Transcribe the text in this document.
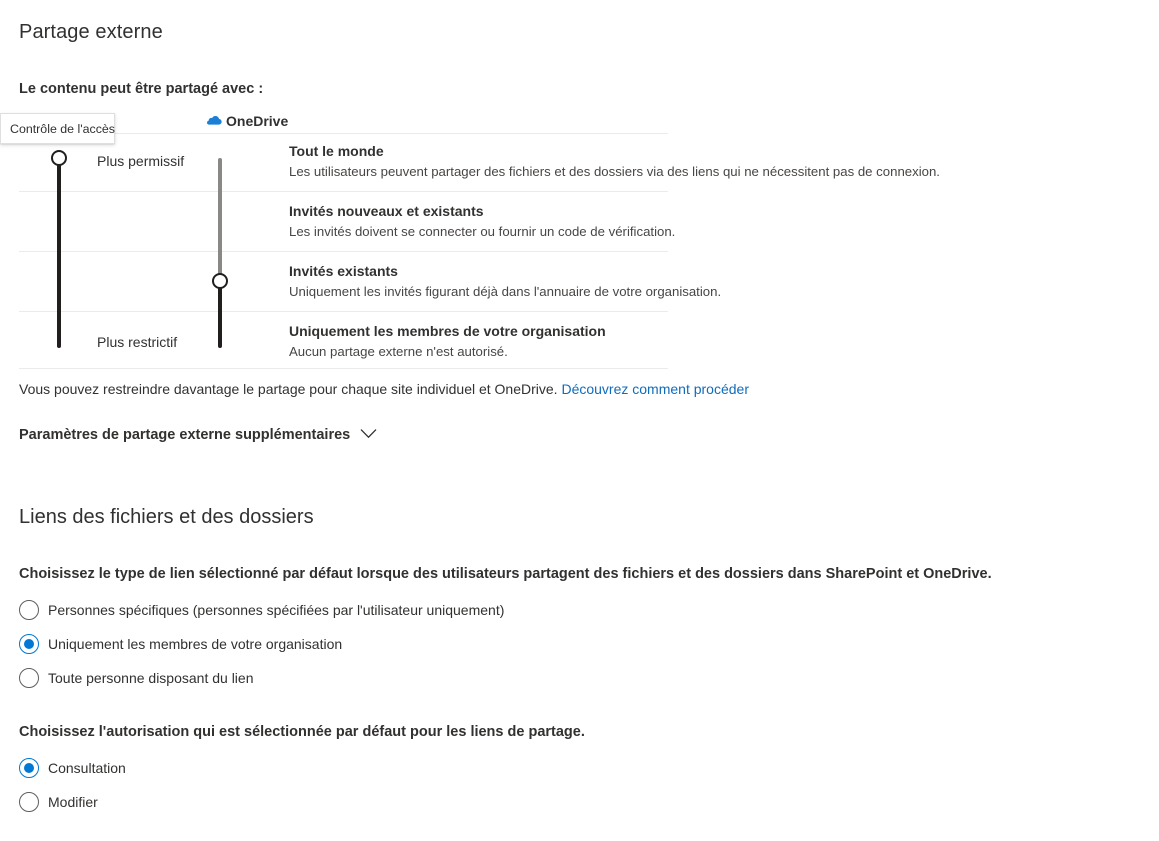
Partage externe
Le contenu peut être partagé avec :
OneDrive
Contrôle de l'accès
Plus permissif
Plus restrictif
Tout le monde
Les utilisateurs peuvent partager des fichiers et des dossiers via des liens qui ne nécessitent pas de connexion.
Invités nouveaux et existants
Les invités doivent se connecter ou fournir un code de vérification.
Invités existants
Uniquement les invités figurant déjà dans l'annuaire de votre organisation.
Uniquement les membres de votre organisation
Aucun partage externe n'est autorisé.
Vous pouvez restreindre davantage le partage pour chaque site individuel et OneDrive. Découvrez comment procéder
Paramètres de partage externe supplémentaires
Liens des fichiers et des dossiers
Choisissez le type de lien sélectionné par défaut lorsque des utilisateurs partagent des fichiers et des dossiers dans SharePoint et OneDrive.
Personnes spécifiques (personnes spécifiées par l'utilisateur uniquement)
Uniquement les membres de votre organisation
Toute personne disposant du lien
Choisissez l'autorisation qui est sélectionnée par défaut pour les liens de partage.
Consultation
Modifier
